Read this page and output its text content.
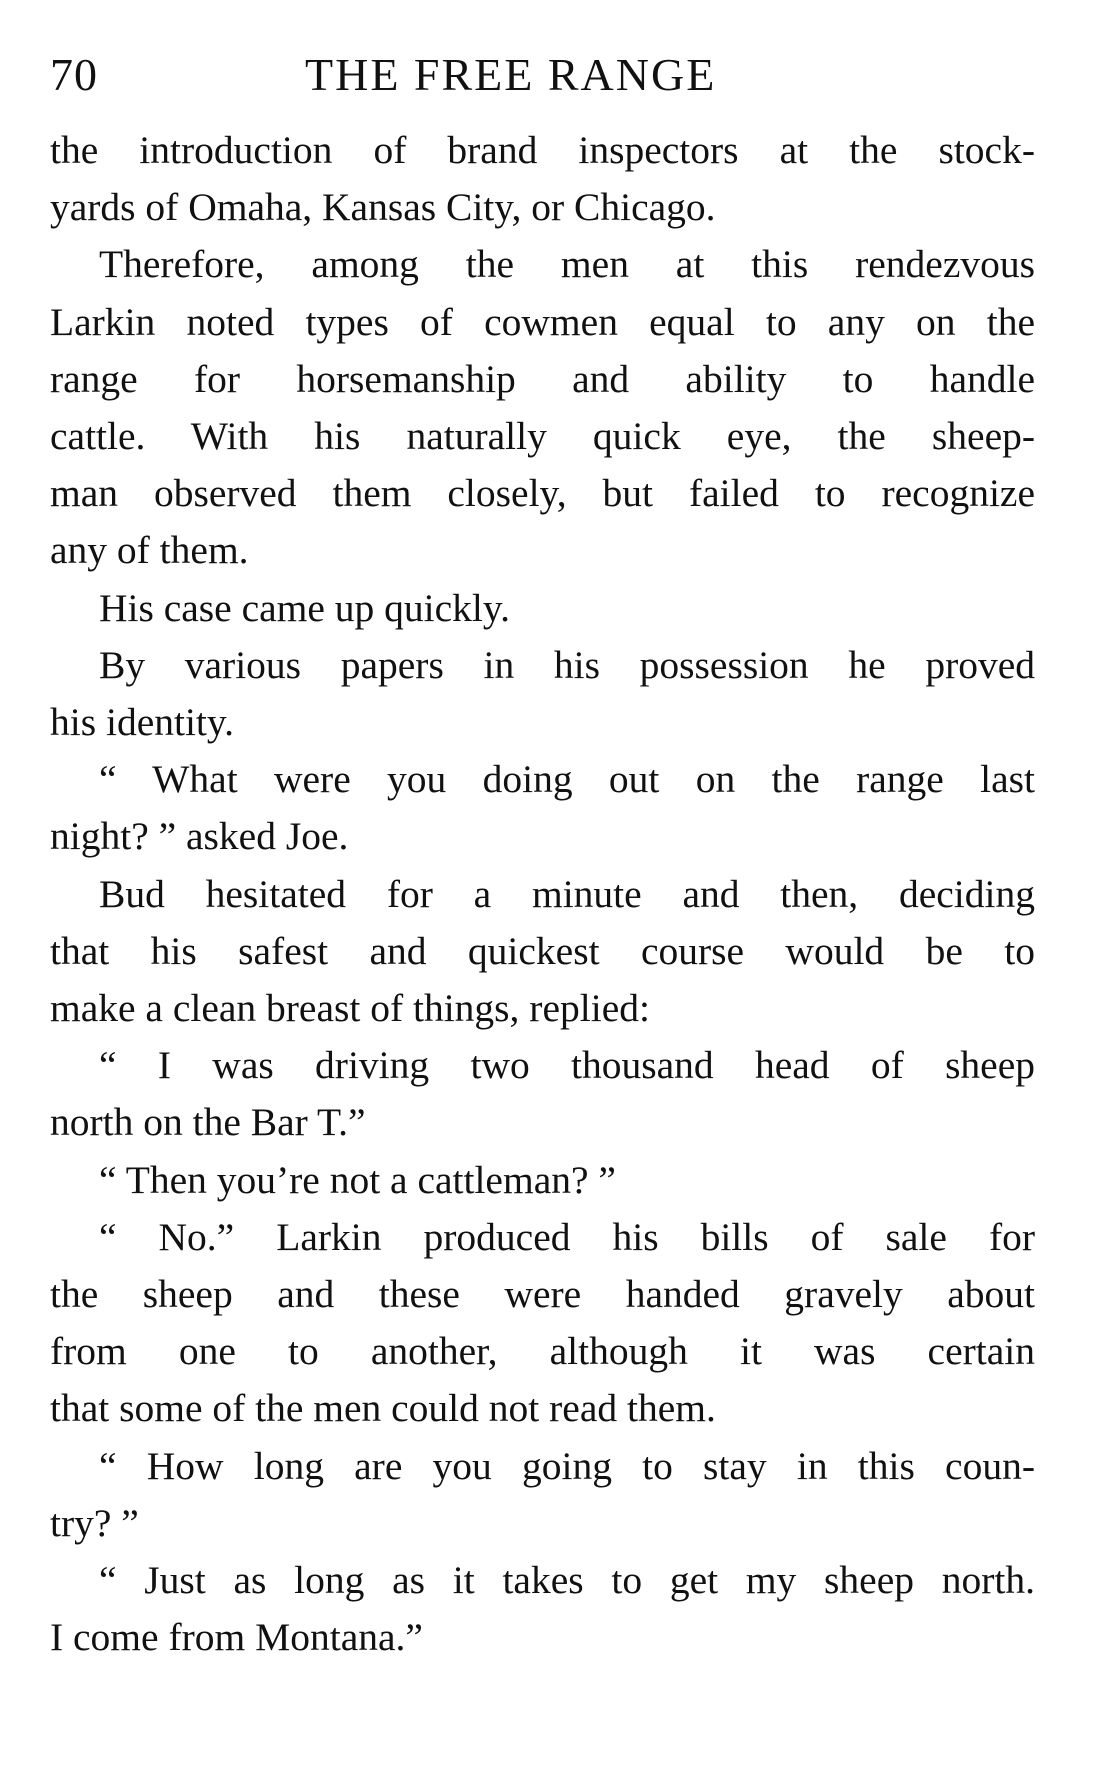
70	THE FREE RANGE

the introduction of brand inspectors at the stock-
yards of Omaha, Kansas City, or Chicago.

Therefore, among the men at this rendezvous
Larkin noted types of cowmen equal to any on the
range for horsemanship and ability to handle
cattle. With his naturally quick eye, the sheep-
man observed them closely, but failed to recognize
any of them.

His case came up quickly.

By various papers in his possession he proved
his identity.

“ What were you doing out on the range last
night? ” asked Joe.

Bud hesitated for a minute and then, deciding
that his safest and quickest course would be to
make a clean breast of things, replied:

“ I was driving two thousand head of sheep
north on the Bar T.”

“ Then you’re not a cattleman? ”

“ No.” Larkin produced his bills of sale for
the sheep and these were handed gravely about
from one to another, although it was certain
that some of the men could not read them.

“ How long are you going to stay in this coun-
try? ”

“ Just as long as it takes to get my sheep north.
I come from Montana.”
